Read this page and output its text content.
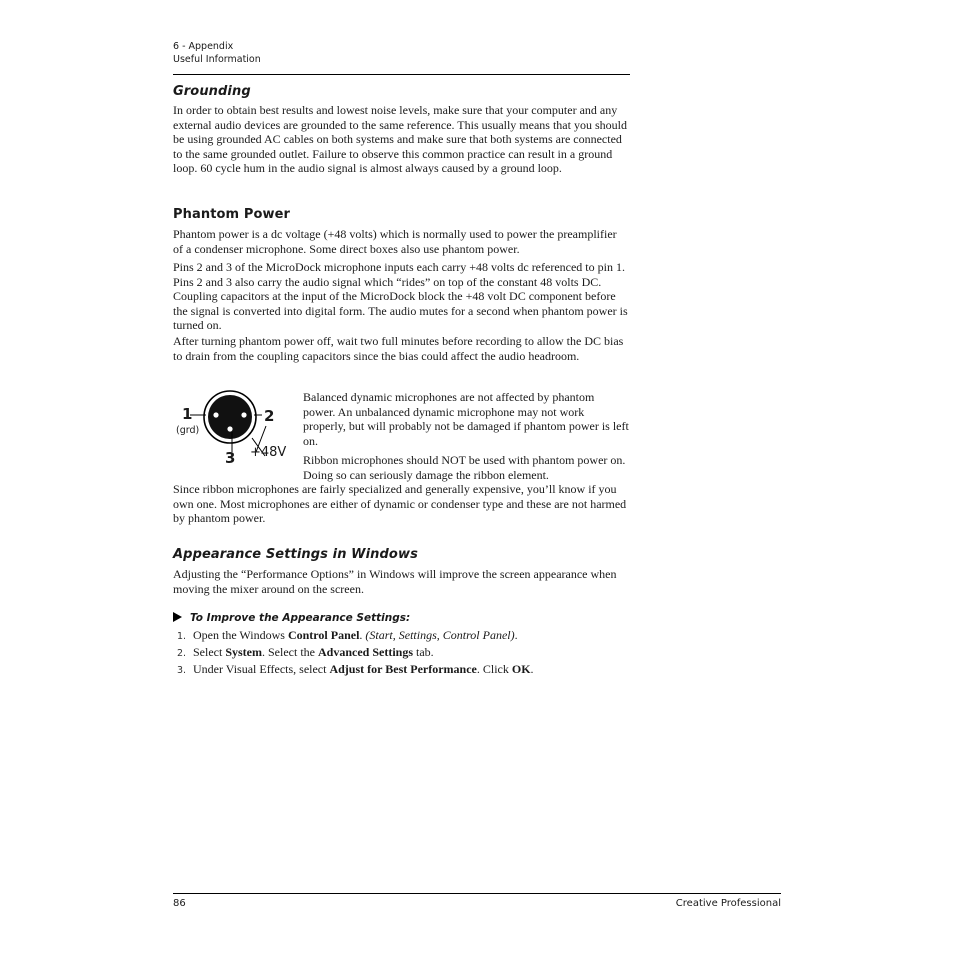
6 - Appendix
Useful Information
Grounding

In order to obtain best results and lowest noise levels, make sure that your computer and any external audio devices are grounded to the same reference. This usually means that you should be using grounded AC cables on both systems and make sure that both systems are connected to the same grounded outlet. Failure to observe this common practice can result in a ground loop. 60 cycle hum in the audio signal is almost always caused by a ground loop.

Phantom Power

Phantom power is a dc voltage (+48 volts) which is normally used to power the preamplifier of a condenser microphone. Some direct boxes also use phantom power.

Pins 2 and 3 of the MicroDock microphone inputs each carry +48 volts dc referenced to pin 1. Pins 2 and 3 also carry the audio signal which “rides” on top of the constant 48 volts DC. Coupling capacitors at the input of the MicroDock block the +48 volt DC component before the signal is converted into digital form. The audio mutes for a second when phantom power is turned on.

After turning phantom power off, wait two full minutes before recording to allow the DC bias to drain from the coupling capacitors since the bias could affect the audio headroom.

1	2
3
(grd)
+48V

Balanced dynamic microphones are not affected by phantom power. An unbalanced dynamic microphone may not work properly, but will probably not be damaged if phantom power is left on.

Ribbon microphones should NOT be used with phantom power on. Doing so can seriously damage the ribbon element.

Since ribbon microphones are fairly specialized and generally expensive, you’ll know if you own one. Most microphones are either of dynamic or condenser type and these are not harmed by phantom power.

Appearance Settings in Windows

Adjusting the “Performance Options” in Windows will improve the screen appearance when moving the mixer around on the screen.

To Improve the Appearance Settings:
1. Open the Windows Control Panel. (Start, Settings, Control Panel).
2. Select System. Select the Advanced Settings tab.
3. Under Visual Effects, select Adjust for Best Performance. Click OK.
86	Creative Professional
